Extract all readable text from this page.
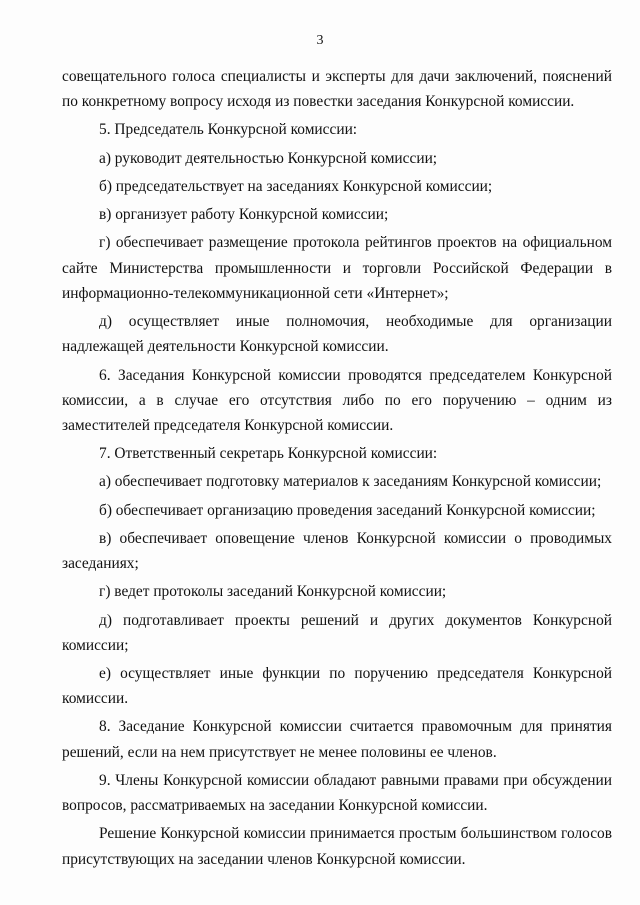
3

совещательного голоса специалисты и эксперты для дачи заключений, пояснений по конкретному вопросу исходя из повестки заседания Конкурсной комиссии.

5. Председатель Конкурсной комиссии:

а) руководит деятельностью Конкурсной комиссии;

б) председательствует на заседаниях Конкурсной комиссии;

в) организует работу Конкурсной комиссии;

г) обеспечивает размещение протокола рейтингов проектов на официальном сайте Министерства промышленности и торговли Российской Федерации в информационно-телекоммуникационной сети «Интернет»;

д) осуществляет иные полномочия, необходимые для организации надлежащей деятельности Конкурсной комиссии.

6. Заседания Конкурсной комиссии проводятся председателем Конкурсной комиссии, а в случае его отсутствия либо по его поручению – одним из заместителей председателя Конкурсной комиссии.

7. Ответственный секретарь Конкурсной комиссии:

а) обеспечивает подготовку материалов к заседаниям Конкурсной комиссии;

б) обеспечивает организацию проведения заседаний Конкурсной комиссии;

в) обеспечивает оповещение членов Конкурсной комиссии о проводимых заседаниях;

г) ведет протоколы заседаний Конкурсной комиссии;

д) подготавливает проекты решений и других документов Конкурсной комиссии;

е) осуществляет иные функции по поручению председателя Конкурсной комиссии.

8. Заседание Конкурсной комиссии считается правомочным для принятия решений, если на нем присутствует не менее половины ее членов.

9. Члены Конкурсной комиссии обладают равными правами при обсуждении вопросов, рассматриваемых на заседании Конкурсной комиссии.

Решение Конкурсной комиссии принимается простым большинством голосов присутствующих на заседании членов Конкурсной комиссии.
